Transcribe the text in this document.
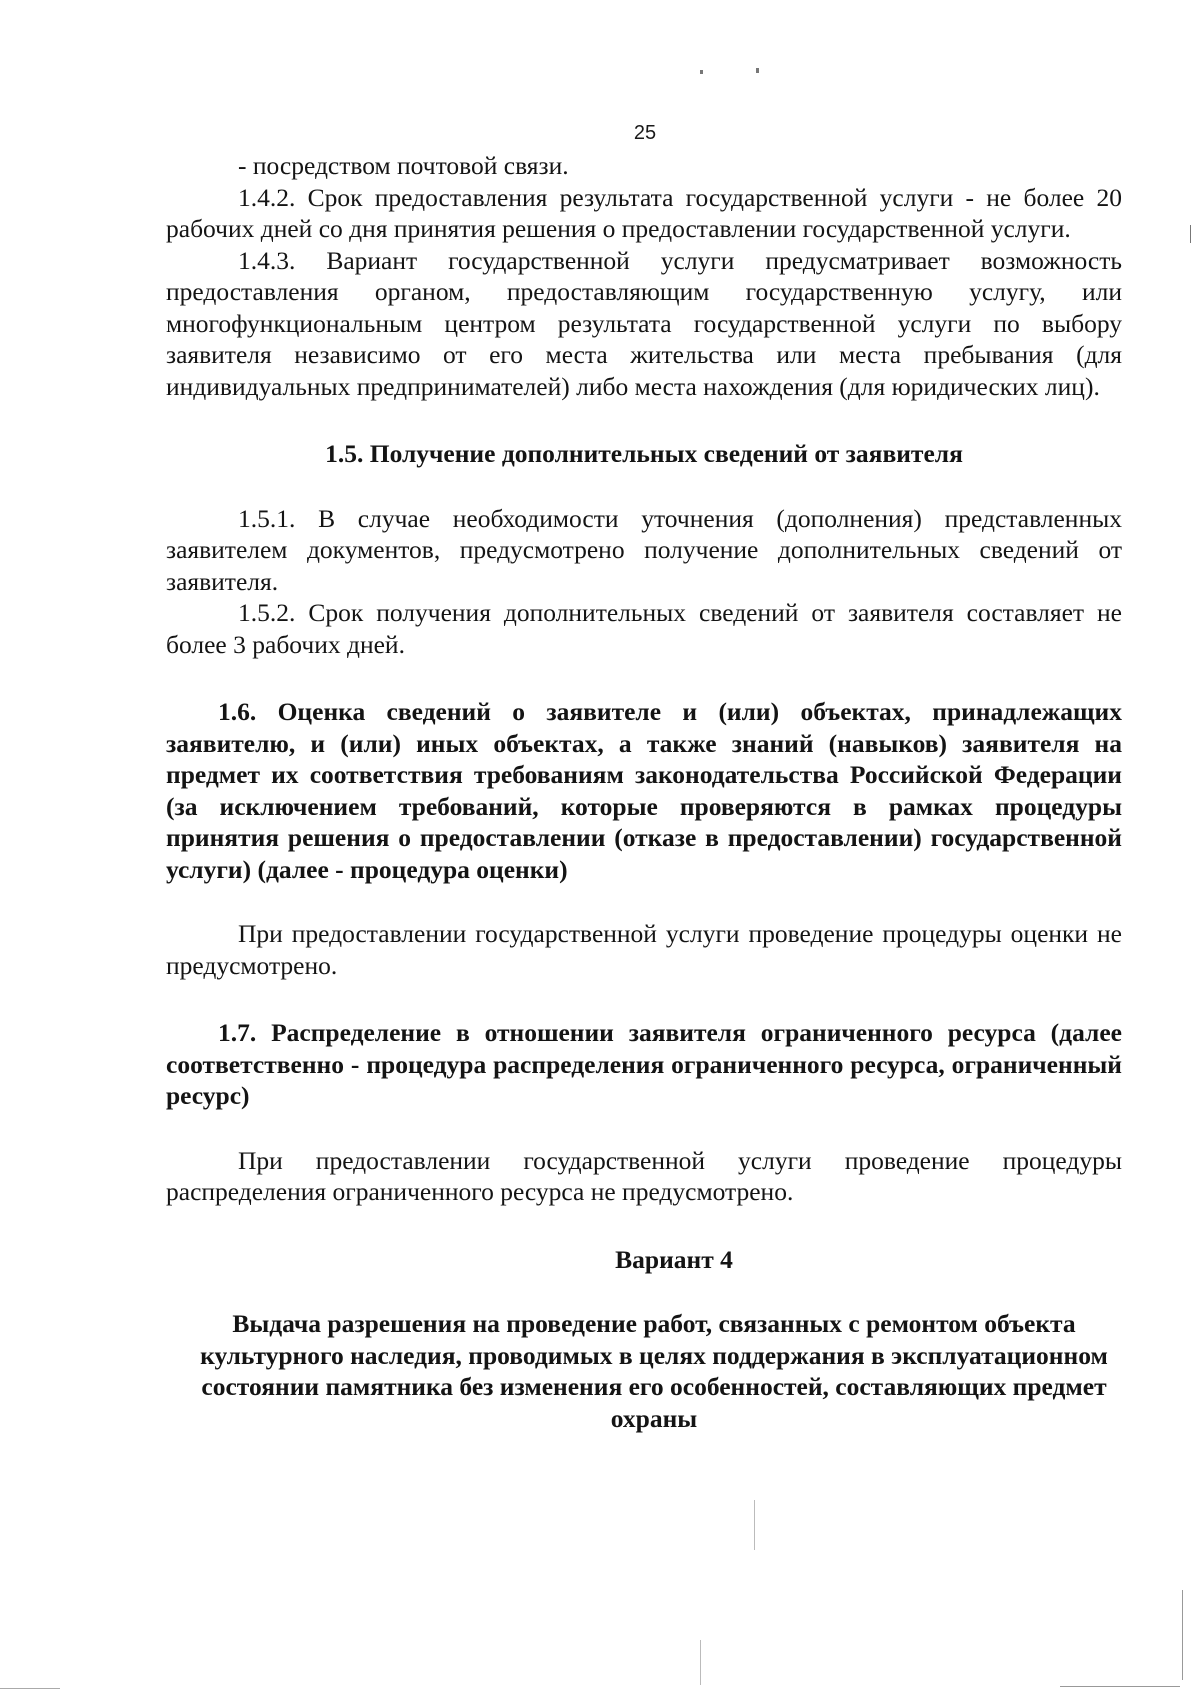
25

- посредством почтовой связи.

1.4.2. Срок предоставления результата государственной услуги - не более 20 рабочих дней со дня принятия решения о предоставлении государственной услуги.

1.4.3. Вариант государственной услуги предусматривает возможность предоставления органом, предоставляющим государственную услугу, или многофункциональным центром результата государственной услуги по выбору заявителя независимо от его места жительства или места пребывания (для индивидуальных предпринимателей) либо места нахождения (для юридических лиц).

1.5. Получение дополнительных сведений от заявителя

1.5.1. В случае необходимости уточнения (дополнения) представленных заявителем документов, предусмотрено получение дополнительных сведений от заявителя.

1.5.2. Срок получения дополнительных сведений от заявителя составляет не более 3 рабочих дней.

1.6. Оценка сведений о заявителе и (или) объектах, принадлежащих заявителю, и (или) иных объектах, а также знаний (навыков) заявителя на предмет их соответствия требованиям законодательства Российской Федерации (за исключением требований, которые проверяются в рамках процедуры принятия решения о предоставлении (отказе в предоставлении) государственной услуги) (далее - процедура оценки)

При предоставлении государственной услуги проведение процедуры оценки не предусмотрено.

1.7. Распределение в отношении заявителя ограниченного ресурса (далее соответственно - процедура распределения ограниченного ресурса, ограниченный ресурс)

При предоставлении государственной услуги проведение процедуры распределения ограниченного ресурса не предусмотрено.

Вариант 4
Выдача разрешения на проведение работ, связанных с ремонтом объекта культурного наследия, проводимых в целях поддержания в эксплуатационном состоянии памятника без изменения его особенностей, составляющих предмет охраны
